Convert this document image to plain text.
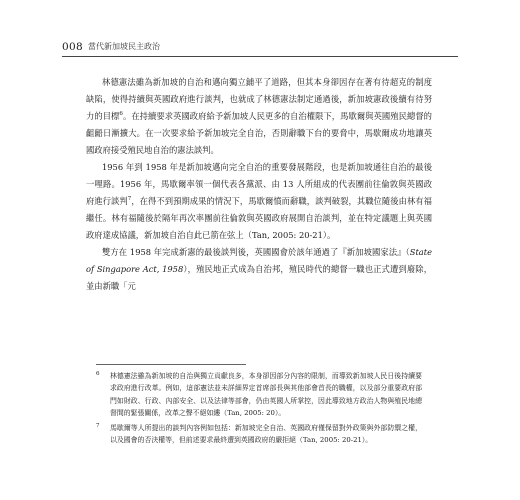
008 當代新加坡民主政治

林德憲法雖為新加坡的自治和邁向獨立鋪平了道路，但其本身卻因存在著有待超克的制度缺陷，使得持續與英國政府進行談判，也就成了林德憲法制定通過後，新加坡憲政後續有待努力的目標$^6$。在持續要求英國政府給予新加坡人民更多的自治權限下，馬歇爾與英國殖民總督的齟齬日漸擴大。在一次要求給予新加坡完全自治，否則辭職下台的要脅中，馬歇爾成功地讓英國政府接受殖民地自治的憲法談判。

1956 年到 1958 年是新加坡邁向完全自治的重要發展階段，也是新加坡通往自治的最後一哩路。1956 年，馬歇爾率領一個代表各黨派、由 13 人所組成的代表團前往倫敦與英國政府進行談判$^7$，在得不到預期成果的情況下，馬歇爾憤而辭職，談判破裂，其職位隨後由林有福繼任。林有福隨後於隔年再次率團前往倫敦與英國政府展開自治談判，並在特定議題上與英國政府達成協議，新加坡自治自此已箭在弦上（Tan, 2005: 20-21）。

雙方在 1958 年完成新憲的最後談判後，英國國會於該年通過了『新加坡國家法』（State of Singapore Act, 1958），殖民地正式成為自治邦，殖民時代的總督一職也正式遭到廢除，並由新職「元

6 林德憲法雖為新加坡的自治與獨立貢獻良多，本身卻因部分內容的限制，而導致新加坡人民日後持續要求政府進行改革。例如，這部憲法並未詳細界定首席部長與其他部會首長的職權，以及部分重要政府部門如財政、行政、內部安全、以及法律等部會，仍由英國人所掌控，因此導致地方政治人物與殖民地總督間的緊張關係，改革之聲不絕如縷（Tan, 2005: 20）。

7 馬歇爾等人所提出的談判內容例如包括：新加坡完全自治、英國政府僅保留對外政策與外部防禦之權，以及國會的否決權等，但前述要求最終遭到英國政府的嚴拒絕（Tan, 2005: 20-21）。
